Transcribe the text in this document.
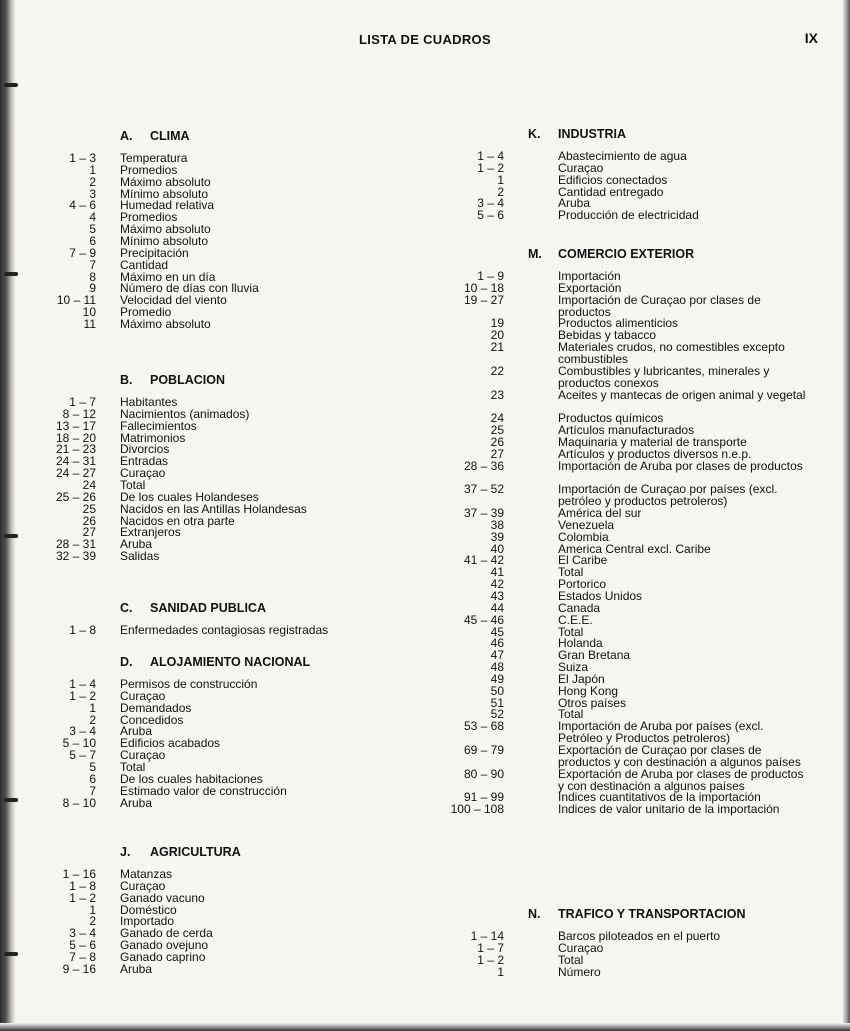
LISTA DE CUADROS	IX
A. CLIMA
1 – 3 Temperatura
1 Promedios
2 Máximo absoluto
3 Mínimo absoluto
4 – 6 Humedad relativa
4 Promedios
5 Máximo absoluto
6 Mínimo absoluto
7 – 9 Precipitación
7 Cantidad
8 Máximo en un día
9 Número de días con lluvia
10 – 11 Velocidad del viento
10 Promedio
11 Máximo absoluto
B. POBLACION
1 – 7 Habitantes
8 – 12 Nacimientos (animados)
13 – 17 Fallecimientos
18 – 20 Matrimonios
21 – 23 Divorcios
24 – 31 Entradas
24 – 27 Curaçao
24 Total
25 – 26 De los cuales Holandeses
25 Nacidos en las Antillas Holandesas
26 Nacidos en otra parte
27 Extranjeros
28 – 31 Aruba
32 – 39 Salidas
C. SANIDAD PUBLICA
1 – 8 Enfermedades contagiosas registradas
D. ALOJAMIENTO NACIONAL
1 – 4 Permisos de construcción
1 – 2 Curaçao
1 Demandados
2 Concedidos
3 – 4 Aruba
5 – 10 Edificios acabados
5 – 7 Curaçao
5 Total
6 De los cuales habitaciones
7 Estimado valor de construcción
8 – 10 Aruba
J. AGRICULTURA
1 – 16 Matanzas
1 – 8 Curaçao
1 – 2 Ganado vacuno
1 Doméstico
2 Importado
3 – 4 Ganado de cerda
5 – 6 Ganado ovejuno
7 – 8 Ganado caprino
9 – 16 Aruba
K. INDUSTRIA
1 – 4	Abastecimiento de agua
1 – 2	Curaçao
1	Edificios conectados
2	Cantidad entregado
3 – 4	Aruba
5 – 6	Producción de electricidad
M. COMERCIO EXTERIOR
1 – 9	Importación
10 – 18	Exportación
19 – 27	Importación de Curaçao por clases de productos
19	Productos alimenticios
20	Bebidas y tabacco
21	Materiales crudos, no comestibles excepto combustibles
22	Combustibles y lubricantes, minerales y productos conexos
23	Aceites y mantecas de origen animal y vegetal
24	Productos químicos
25	Artículos manufacturados
26	Maquinaria y material de transporte
27	Artículos y productos diversos n.e.p.
28 – 36	Importación de Aruba por clases de productos
37 – 52	Importación de Curaçao por países (excl. petróleo y productos petroleros)
37 – 39	América del sur
38	Venezuela
39	Colombia
40	America Central excl. Caribe
41 – 42	El Caribe
41	Total
42	Portorico
43	Estados Unidos
44	Canada
45 – 46	C.E.E.
45	Total
46	Holanda
47	Gran Bretana
48	Suiza
49	El Japón
50	Hong Kong
51	Otros países
52	Total
53 – 68	Importación de Aruba por países (excl. Petróleo y Productos petroleros)
69 – 79	Exportación de Curaçao por clases de productos y con destinación a algunos países
80 – 90	Exportación de Aruba por clases de productos y con destinación a algunos países
91 – 99	Indices cuantitativos de la importación
100 – 108	Indices de valor unitario de la importación
N. TRAFICO Y TRANSPORTACION
1 – 14	Barcos piloteados en el puerto
1 – 7	Curaçao
1 – 2	Total
1	Número
